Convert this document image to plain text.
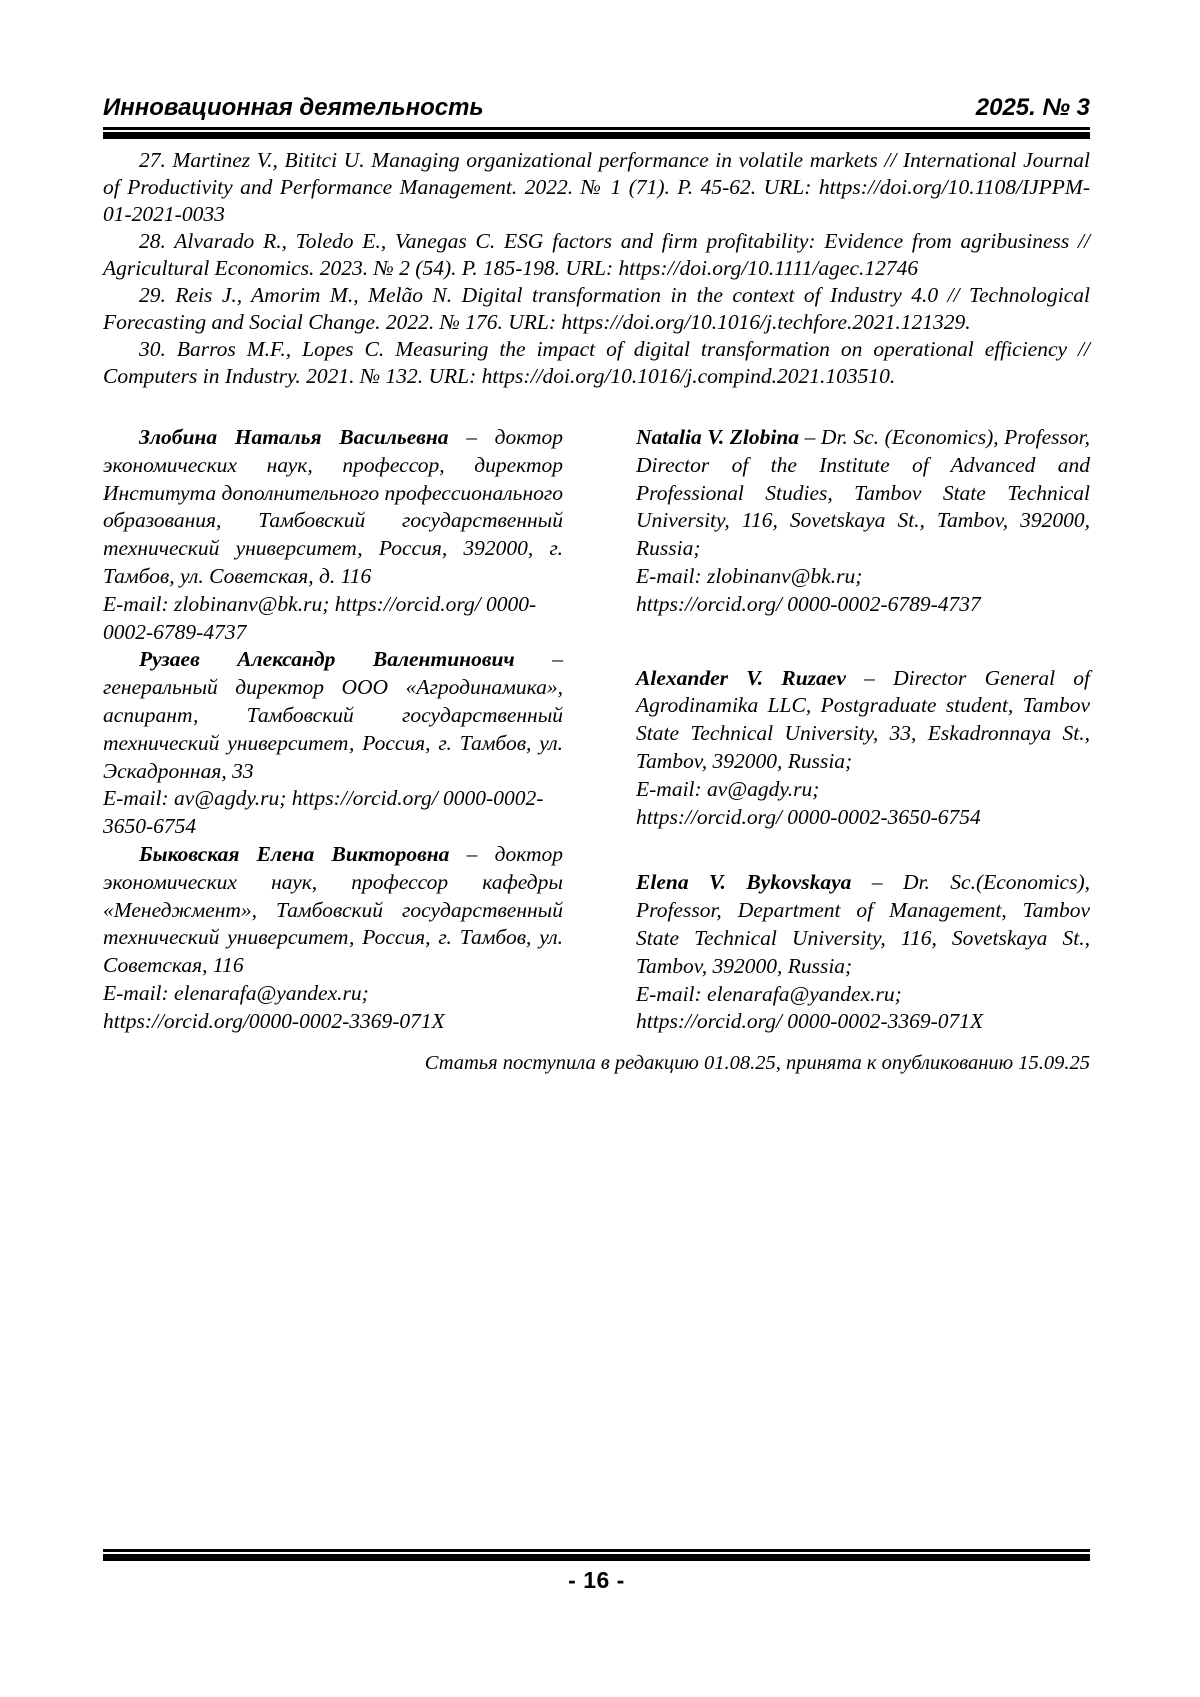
Инновационная деятельность	2025. № 3

27. Martinez V., Bititci U. Managing organizational performance in volatile markets // International Journal of Productivity and Performance Management. 2022. № 1 (71). P. 45-62. URL: https://doi.org/10.1108/IJPPM-01-2021-0033

28. Alvarado R., Toledo E., Vanegas C. ESG factors and firm profitability: Evidence from agribusiness // Agricultural Economics. 2023. № 2 (54). P. 185-198. URL: https://doi.org/10.1111/agec.12746

29. Reis J., Amorim M., Melão N. Digital transformation in the context of Industry 4.0 // Technological Forecasting and Social Change. 2022. № 176. URL: https://doi.org/10.1016/j.techfore.2021.121329.

30. Barros M.F., Lopes C. Measuring the impact of digital transformation on operational efficiency // Computers in Industry. 2021. № 132. URL: https://doi.org/10.1016/j.compind.2021.103510.

Злобина Наталья Васильевна – доктор экономических наук, профессор, директор Института дополнительного профессионального образования, Тамбовский государственный технический университет, Россия, 392000, г. Тамбов, ул. Советская, д. 116

E-mail: zlobinanv@bk.ru; https://orcid.org/ 0000-0002-6789-4737

Рузаев Александр Валентинович – генеральный директор ООО «Агродинамика», аспирант, Тамбовский государственный технический университет, Россия, г. Тамбов, ул. Эскадронная, 33

E-mail: av@agdy.ru; https://orcid.org/ 0000-0002-3650-6754

Быковская Елена Викторовна – доктор экономических наук, профессор кафедры «Менеджмент», Тамбовский государственный технический университет, Россия, г. Тамбов, ул. Советская, 116

E-mail: elenarafa@yandex.ru;
https://orcid.org/0000-0002-3369-071X

Natalia V. Zlobina – Dr. Sc. (Economics), Professor, Director of the Institute of Advanced and Professional Studies, Tambov State Technical University, 116, Sovetskaya St., Tambov, 392000, Russia;

E-mail: zlobinanv@bk.ru;
https://orcid.org/ 0000-0002-6789-4737

Alexander V. Ruzaev – Director General of Agrodinamika LLC, Postgraduate student, Tambov State Technical University, 33, Eskadronnaya St., Tambov, 392000, Russia;

E-mail: av@agdy.ru;
https://orcid.org/ 0000-0002-3650-6754

Elena V. Bykovskaya – Dr. Sc.(Economics), Professor, Department of Management, Tambov State Technical University, 116, Sovetskaya St., Tambov, 392000, Russia;

E-mail: elenarafa@yandex.ru;
https://orcid.org/ 0000-0002-3369-071X
Статья поступила в редакцию 01.08.25, принята к опубликованию 15.09.25
- 16 -
